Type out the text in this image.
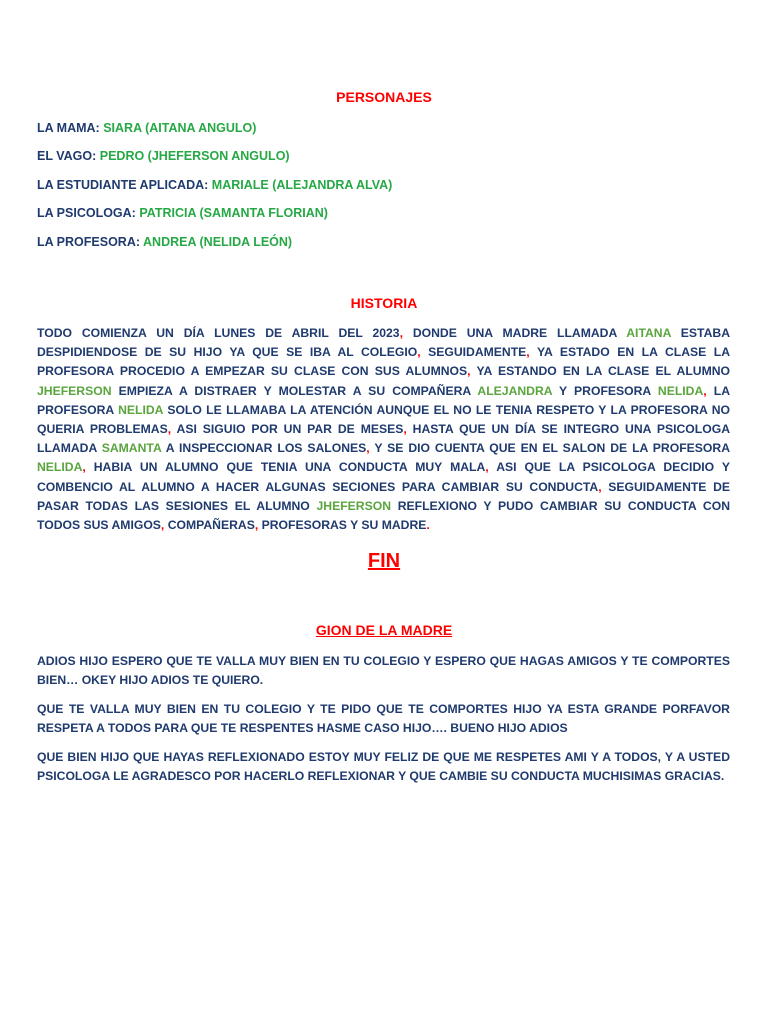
PERSONAJES
LA MAMA: SIARA (AITANA ANGULO)
EL VAGO: PEDRO (JHEFERSON ANGULO)
LA ESTUDIANTE APLICADA: MARIALE (ALEJANDRA ALVA)
LA PSICOLOGA: PATRICIA (SAMANTA FLORIAN)
LA PROFESORA: ANDREA (NELIDA LEÓN)
HISTORIA
TODO COMIENZA UN DÍA LUNES DE ABRIL DEL 2023, DONDE UNA MADRE LLAMADA AITANA ESTABA DESPIDIENDOSE DE SU HIJO YA QUE SE IBA AL COLEGIO, SEGUIDAMENTE, YA ESTADO EN LA CLASE LA PROFESORA PROCEDIO A EMPEZAR SU CLASE CON SUS ALUMNOS, YA ESTANDO EN LA CLASE EL ALUMNO JHEFERSON EMPIEZA A DISTRAER Y MOLESTAR A SU COMPAÑERA ALEJANDRA Y PROFESORA NELIDA, LA PROFESORA NELIDA SOLO LE LLAMABA LA ATENCIÓN AUNQUE EL NO LE TENIA RESPETO Y LA PROFESORA NO QUERIA PROBLEMAS, ASI SIGUIO POR UN PAR DE MESES, HASTA QUE UN DÍA SE INTEGRO UNA PSICOLOGA LLAMADA SAMANTA A INSPECCIONAR LOS SALONES, Y SE DIO CUENTA QUE EN EL SALON DE LA PROFESORA NELIDA, HABIA UN ALUMNO QUE TENIA UNA CONDUCTA MUY MALA, ASI QUE LA PSICOLOGA DECIDIO Y COMBENCIO AL ALUMNO A HACER ALGUNAS SECIONES PARA CAMBIAR SU CONDUCTA, SEGUIDAMENTE DE PASAR TODAS LAS SESIONES EL ALUMNO JHEFERSON REFLEXIONO Y PUDO CAMBIAR SU CONDUCTA CON TODOS SUS AMIGOS, COMPAÑERAS, PROFESORAS Y SU MADRE.
FIN
GION DE LA MADRE
ADIOS HIJO ESPERO QUE TE VALLA MUY BIEN EN TU COLEGIO Y ESPERO QUE HAGAS AMIGOS Y TE COMPORTES BIEN… OKEY HIJO ADIOS TE QUIERO.
QUE TE VALLA MUY BIEN EN TU COLEGIO Y TE PIDO QUE TE COMPORTES HIJO YA ESTA GRANDE PORFAVOR RESPETA A TODOS PARA QUE TE RESPENTES HASME CASO HIJO…. BUENO HIJO ADIOS
QUE BIEN HIJO QUE HAYAS REFLEXIONADO ESTOY MUY FELIZ DE QUE ME RESPETES AMI Y A TODOS, Y A USTED PSICOLOGA LE AGRADESCO POR HACERLO REFLEXIONAR Y QUE CAMBIE SU CONDUCTA MUCHISIMAS GRACIAS.
